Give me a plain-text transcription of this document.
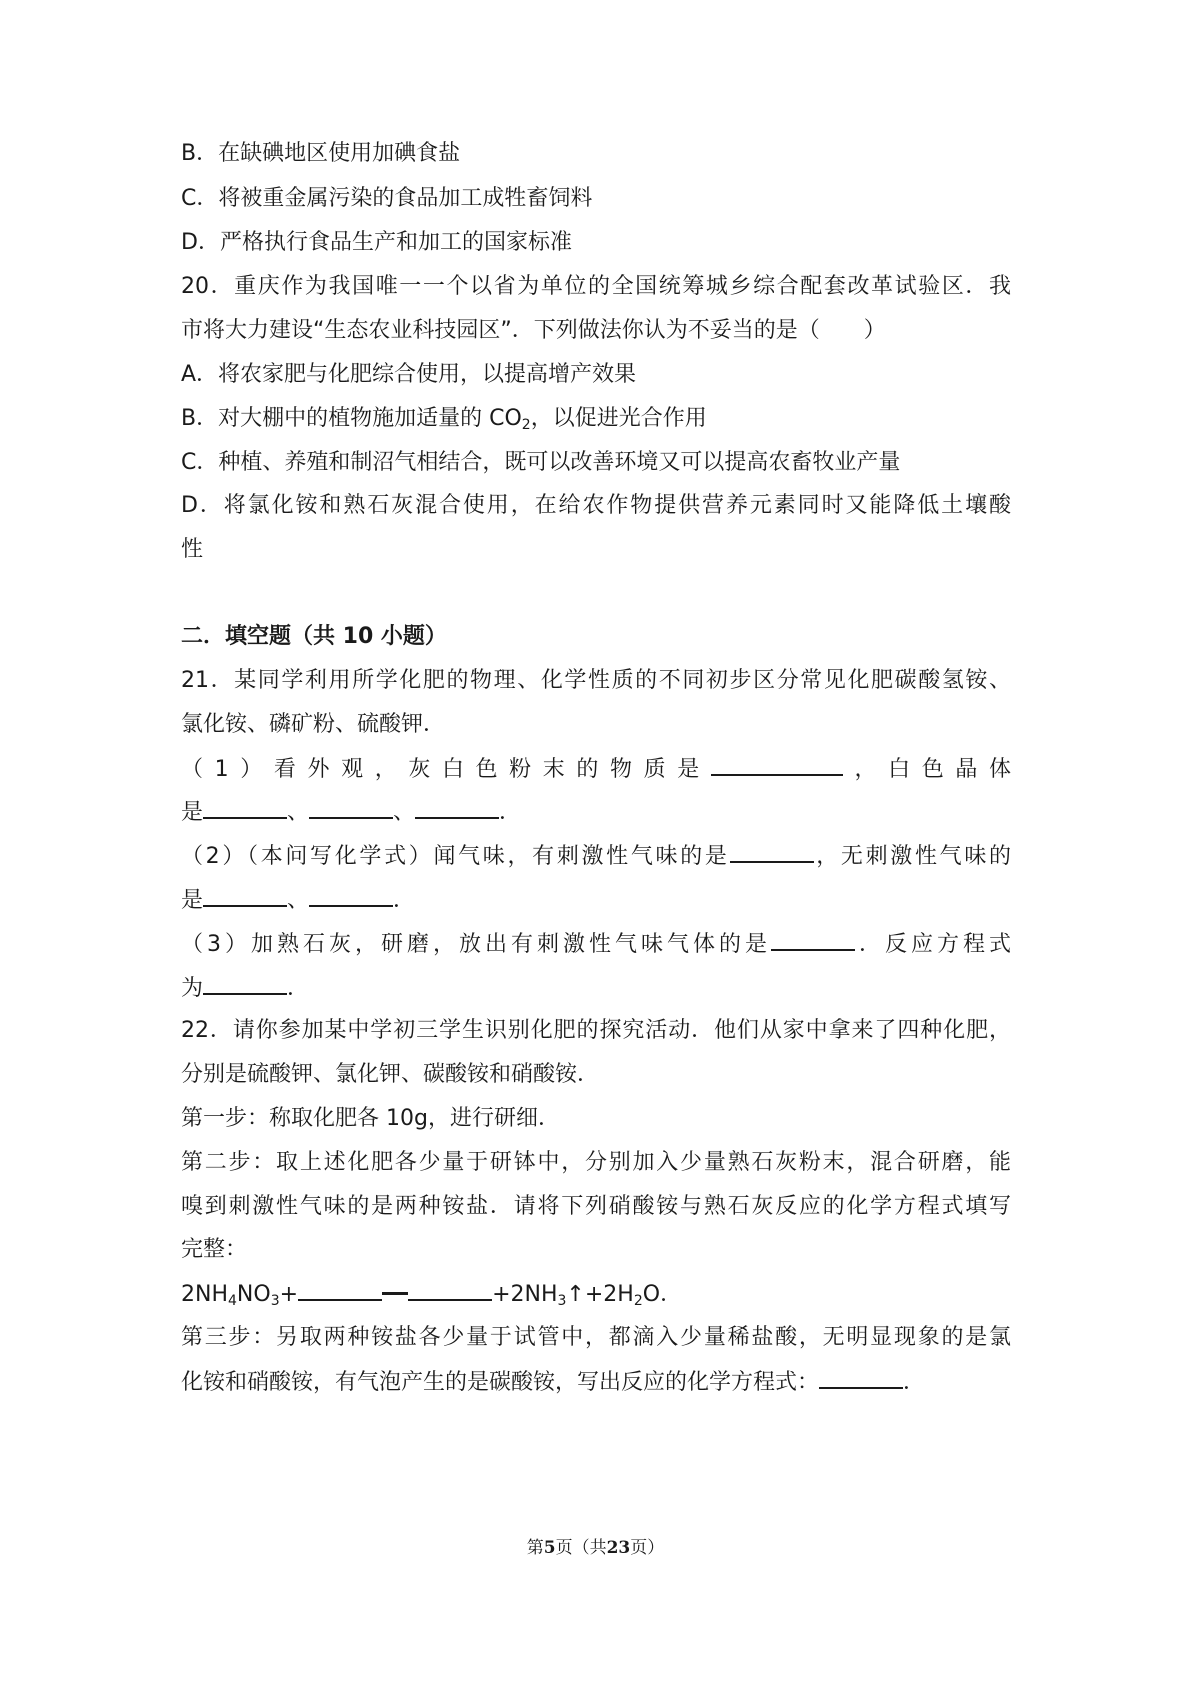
B．在缺碘地区使用加碘食盐
C．将被重金属污染的食品加工成牲畜饲料
D．严格执行食品生产和加工的国家标准
20．重庆作为我国唯一一个以省为单位的全国统筹城乡综合配套改革试验区．我
市将大力建设“生态农业科技园区”．下列做法你认为不妥当的是（　　）
A．将农家肥与化肥综合使用，以提高增产效果
B．对大棚中的植物施加适量的 $CO_2$，以促进光合作用
C．种植、养殖和制沼气相结合，既可以改善环境又可以提高农畜牧业产量
D．将氯化铵和熟石灰混合使用，在给农作物提供营养元素同时又能降低土壤酸
性
二．填空题（共 10 小题）
21．某同学利用所学化肥的物理、化学性质的不同初步区分常见化肥碳酸氢铵、
氯化铵、磷矿粉、硫酸钾．
（1）看外观，灰白色粉末的物质是	，白色晶体
是	、	、	．
（2）（本问写化学式）闻气味，有刺激性气味的是	，无刺激性气味的
是	、	．
（3）加熟石灰，研磨，放出有刺激性气味气体的是	．反应方程式
为	．
22．请你参加某中学初三学生识别化肥的探究活动．他们从家中拿来了四种化肥，
分别是硫酸钾、氯化钾、碳酸铵和硝酸铵．
第一步：称取化肥各 10g，进行研细．
第二步：取上述化肥各少量于研钵中，分别加入少量熟石灰粉末，混合研磨，能
嗅到刺激性气味的是两种铵盐．请将下列硝酸铵与熟石灰反应的化学方程式填写
完整：
$2NH_4NO_3+$	$+2NH_3↑+2H_2O$．
第三步：另取两种铵盐各少量于试管中，都滴入少量稀盐酸，无明显现象的是氯
化铵和硝酸铵，有气泡产生的是碳酸铵，写出反应的化学方程式：	．
第5页（共23页）
